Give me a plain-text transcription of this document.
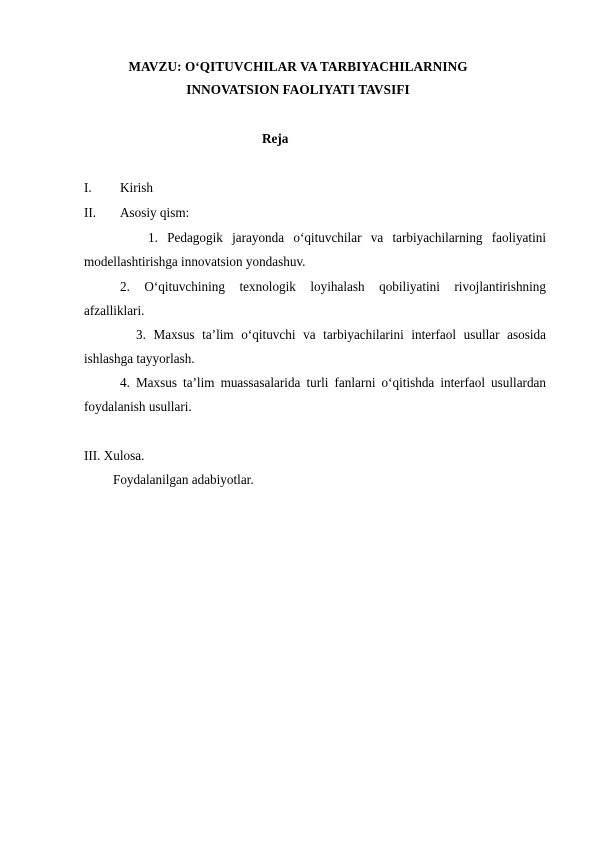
MAVZU: O‘QITUVCHILAR VA TARBIYACHILARNING
INNOVATSION FAOLIYATI TAVSIFI
Reja
I. Kirish
II. Asosiy qism:
1. Pedagogik jarayonda o‘qituvchilar va tarbiyachilarning faoliyatini
modellashtirishga innovatsion yondashuv.
2. O‘qituvchining texnologik loyihalash qobiliyatini rivojlantirishning
afzalliklari.
3. Maxsus ta’lim o‘qituvchi va tarbiyachilarini interfaol usullar asosida
ishlashga tayyorlash.
4. Maxsus ta’lim muassasalarida turli fanlarni o‘qitishda interfaol usullardan
foydalanish usullari.
III. Xulosa.
Foydalanilgan adabiyotlar.
